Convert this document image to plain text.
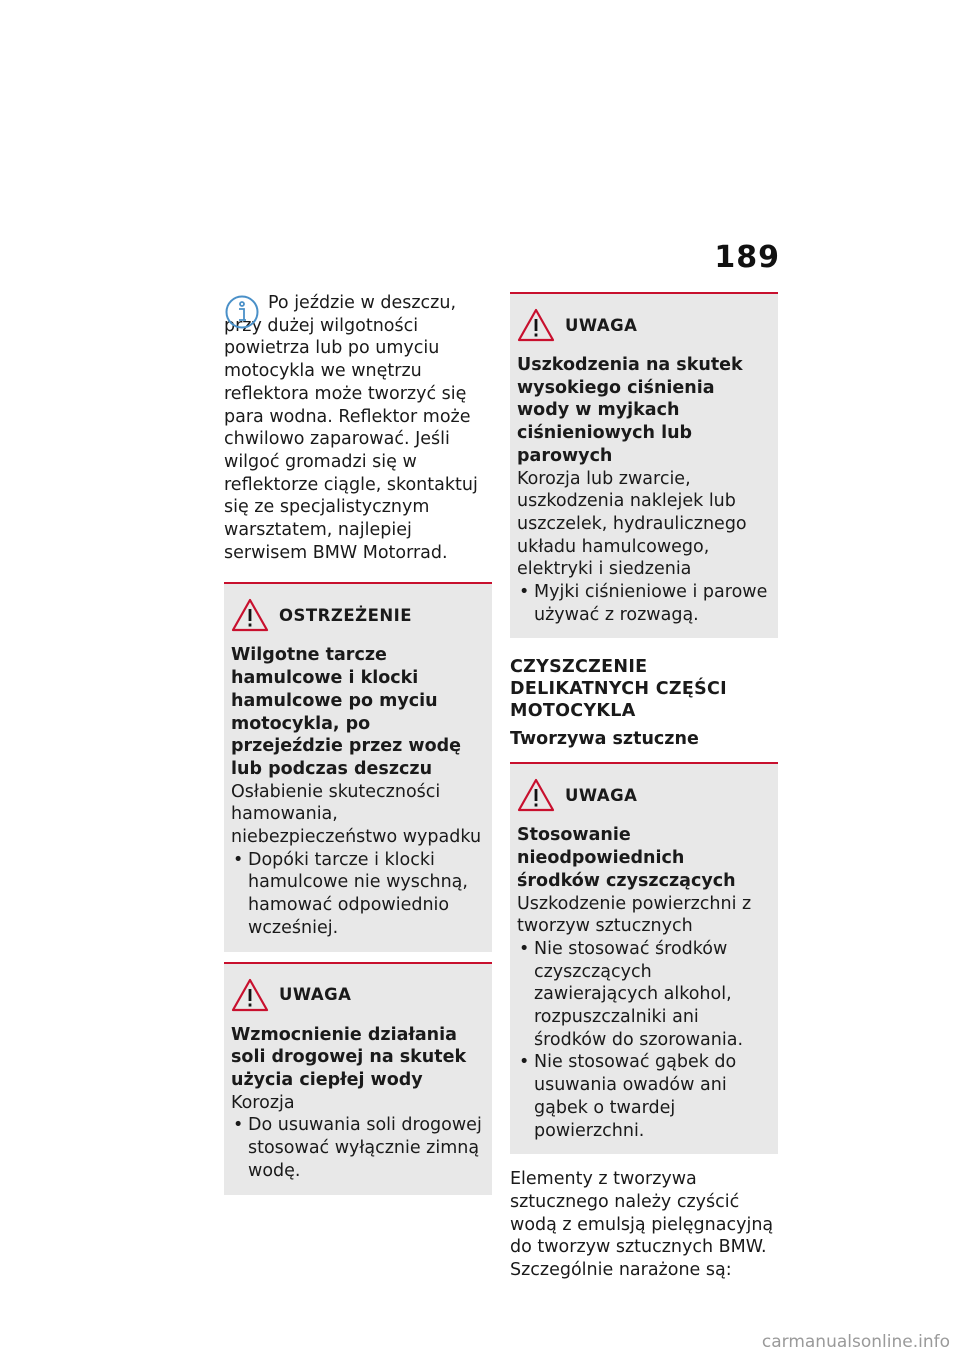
189

Po jeździe w deszczu, przy dużej wilgotności powietrza lub po umyciu motocykla we wnętrzu reflektora może tworzyć się para wodna. Reflektor może chwilowo zaparować. Jeśli wilgoć gromadzi się w reflektorze ciągle, skontaktuj się ze specjalistycznym warsztatem, najlepiej serwisem BMW Motorrad.

OSTRZEŻENIE

Wilgotne tarcze hamulcowe i klocki hamulcowe po myciu motocykla, po przejeździe przez wodę lub podczas deszczu

Osłabienie skuteczności hamowania, niebezpieczeństwo wypadku

• Dopóki tarcze i klocki hamulcowe nie wyschną, hamować odpowiednio wcześniej.
UWAGA

Wzmocnienie działania soli drogowej na skutek użycia ciepłej wody

Korozja

• Do usuwania soli drogowej stosować wyłącznie zimną wodę.
UWAGA

Uszkodzenia na skutek wysokiego ciśnienia wody w myjkach ciśnieniowych lub parowych

Korozja lub zwarcie, uszkodzenia naklejek lub uszczelek, hydraulicznego układu hamulcowego, elektryki i siedzenia

• Myjki ciśnieniowe i parowe używać z rozwagą.
CZYSZCZENIE DELIKATNYCH CZĘŚCI MOTOCYKLA
Tworzywa sztuczne
UWAGA

Stosowanie nieodpowiednich środków czyszczących

Uszkodzenie powierzchni z tworzyw sztucznych

• Nie stosować środków czyszczących zawierających alkohol, rozpuszczalniki ani środków do szorowania.
• Nie stosować gąbek do usuwania owadów ani gąbek o twardej powierzchni.

Elementy z tworzywa sztucznego należy czyścić wodą z emulsją pielęgnacyjną do tworzyw sztucznych BMW. Szczególnie narażone są:

carmanualsonline.info
